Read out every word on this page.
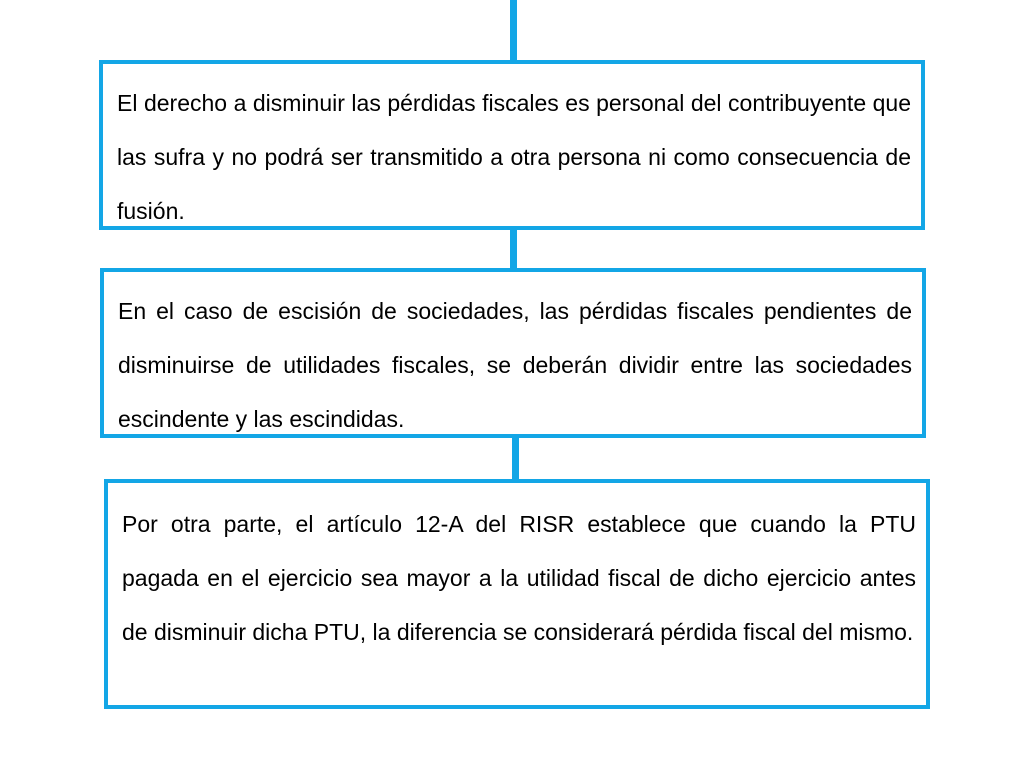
El derecho a disminuir las pérdidas fiscales es personal del contribuyente que las sufra y no podrá ser transmitido a otra persona ni como consecuencia de fusión.

En el caso de escisión de sociedades, las pérdidas fiscales pendientes de disminuirse de utilidades fiscales, se deberán dividir entre las sociedades escindente y las escindidas.

Por otra parte, el artículo 12-A del RISR establece que cuando la PTU pagada en el ejercicio sea mayor a la utilidad fiscal de dicho ejercicio antes de disminuir dicha PTU, la diferencia se considerará pérdida fiscal del mismo.
